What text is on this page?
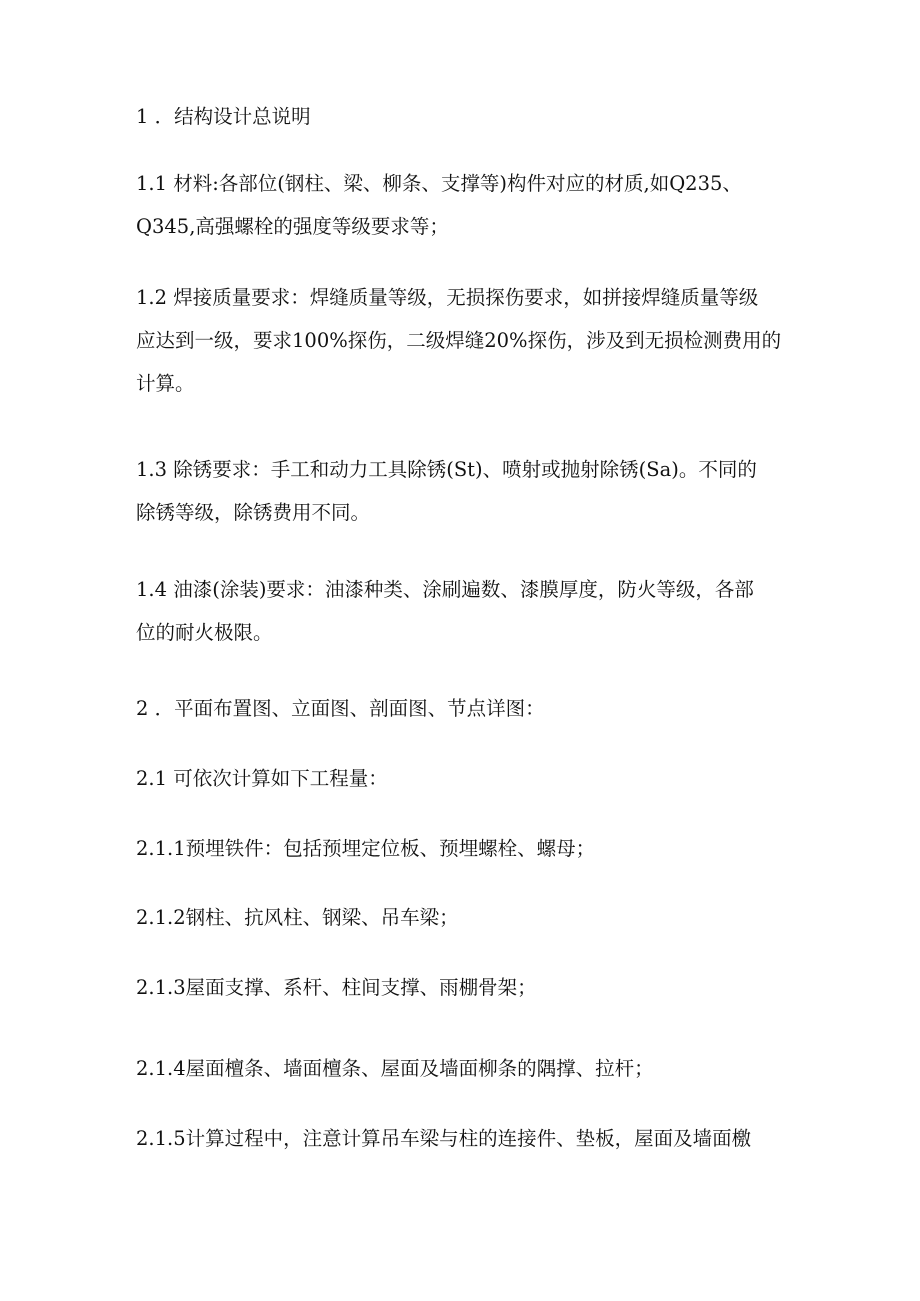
1 ．结构设计总说明

1.1 材料:各部位(钢柱、梁、柳条、支撑等)构件对应的材质,如Q235、
Q345,高强螺栓的强度等级要求等；

1.2 焊接质量要求：焊缝质量等级，无损探伤要求，如拼接焊缝质量等级
应达到一级，要求100%探伤，二级焊缝20%探伤，涉及到无损检测费用的
计算。

1.3 除锈要求：手工和动力工具除锈(St)、喷射或抛射除锈(Sa)。不同的
除锈等级，除锈费用不同。

1.4 油漆(涂装)要求：油漆种类、涂刷遍数、漆膜厚度，防火等级，各部
位的耐火极限。

2 ．平面布置图、立面图、剖面图、节点详图：

2.1 可依次计算如下工程量：

2.1.1预埋铁件：包括预埋定位板、预埋螺栓、螺母；

2.1.2钢柱、抗风柱、钢梁、吊车梁；

2.1.3屋面支撑、系杆、柱间支撑、雨棚骨架；

2.1.4屋面檀条、墙面檀条、屋面及墙面柳条的隅撑、拉杆；

2.1.5计算过程中，注意计算吊车梁与柱的连接件、垫板，屋面及墙面檄
